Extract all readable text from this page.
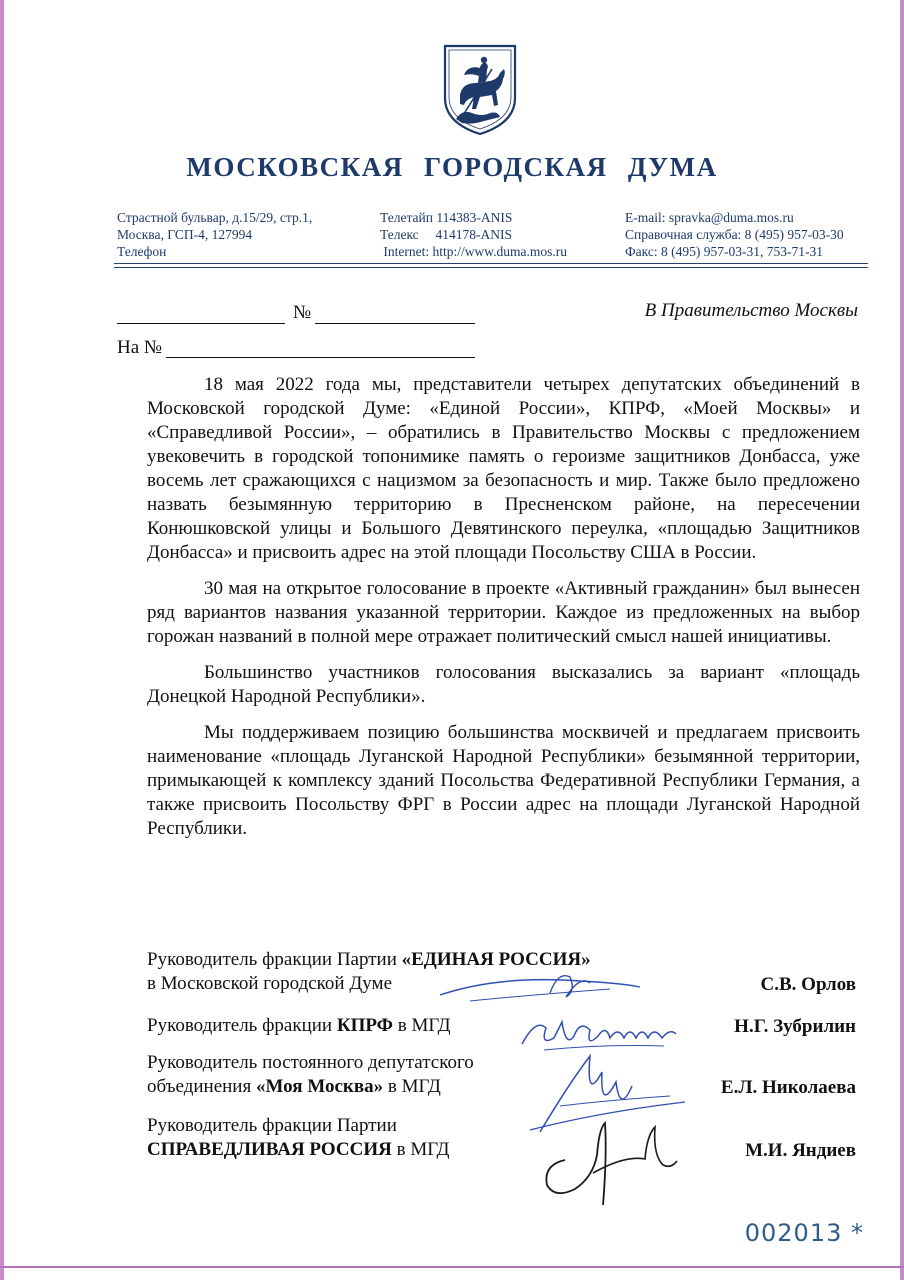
МОСКОВСКАЯ ГОРОДСКАЯ ДУМА
Страстной бульвар, д.15/29, стр.1,
Москва, ГСП-4, 127994
Телефон
Телетайп 114383-ANIS
Телекс     414178-ANIS
Internet: http://www.duma.mos.ru
E-mail: spravka@duma.mos.ru
Справочная служба: 8 (495) 957-03-30
Факс: 8 (495) 957-03-31, 753-71-31
№
На №
В Правительство Москвы

18 мая 2022 года мы, представители четырех депутатских объединений в Московской городской Думе: «Единой России», КПРФ, «Моей Москвы» и «Справедливой России», – обратились в Правительство Москвы с предложением увековечить в городской топонимике память о героизме защитников Донбасса, уже восемь лет сражающихся с нацизмом за безопасность и мир. Также было предложено назвать безымянную территорию в Пресненском районе, на пересечении Конюшковской улицы и Большого Девятинского переулка, «площадью Защитников Донбасса» и присвоить адрес на этой площади Посольству США в России.

30 мая на открытое голосование в проекте «Активный гражданин» был вынесен ряд вариантов названия указанной территории. Каждое из предложенных на выбор горожан названий в полной мере отражает политический смысл нашей инициативы.

Большинство участников голосования высказались за вариант «площадь Донецкой Народной Республики».

Мы поддерживаем позицию большинства москвичей и предлагаем присвоить наименование «площадь Луганской Народной Республики» безымянной территории, примыкающей к комплексу зданий Посольства Федеративной Республики Германия, а также присвоить Посольству ФРГ в России адрес на площади Луганской Народной Республики.

Руководитель фракции Партии «ЕДИНАЯ РОССИЯ»
в Московской городской Думе	С.В. Орлов
Руководитель фракции КПРФ в МГД	Н.Г. Зубрилин
Руководитель постоянного депутатского
объединения «Моя Москва» в МГД	Е.Л. Николаева
Руководитель фракции Партии
СПРАВЕДЛИВАЯ РОССИЯ в МГД	М.И. Яндиев
002013 *
